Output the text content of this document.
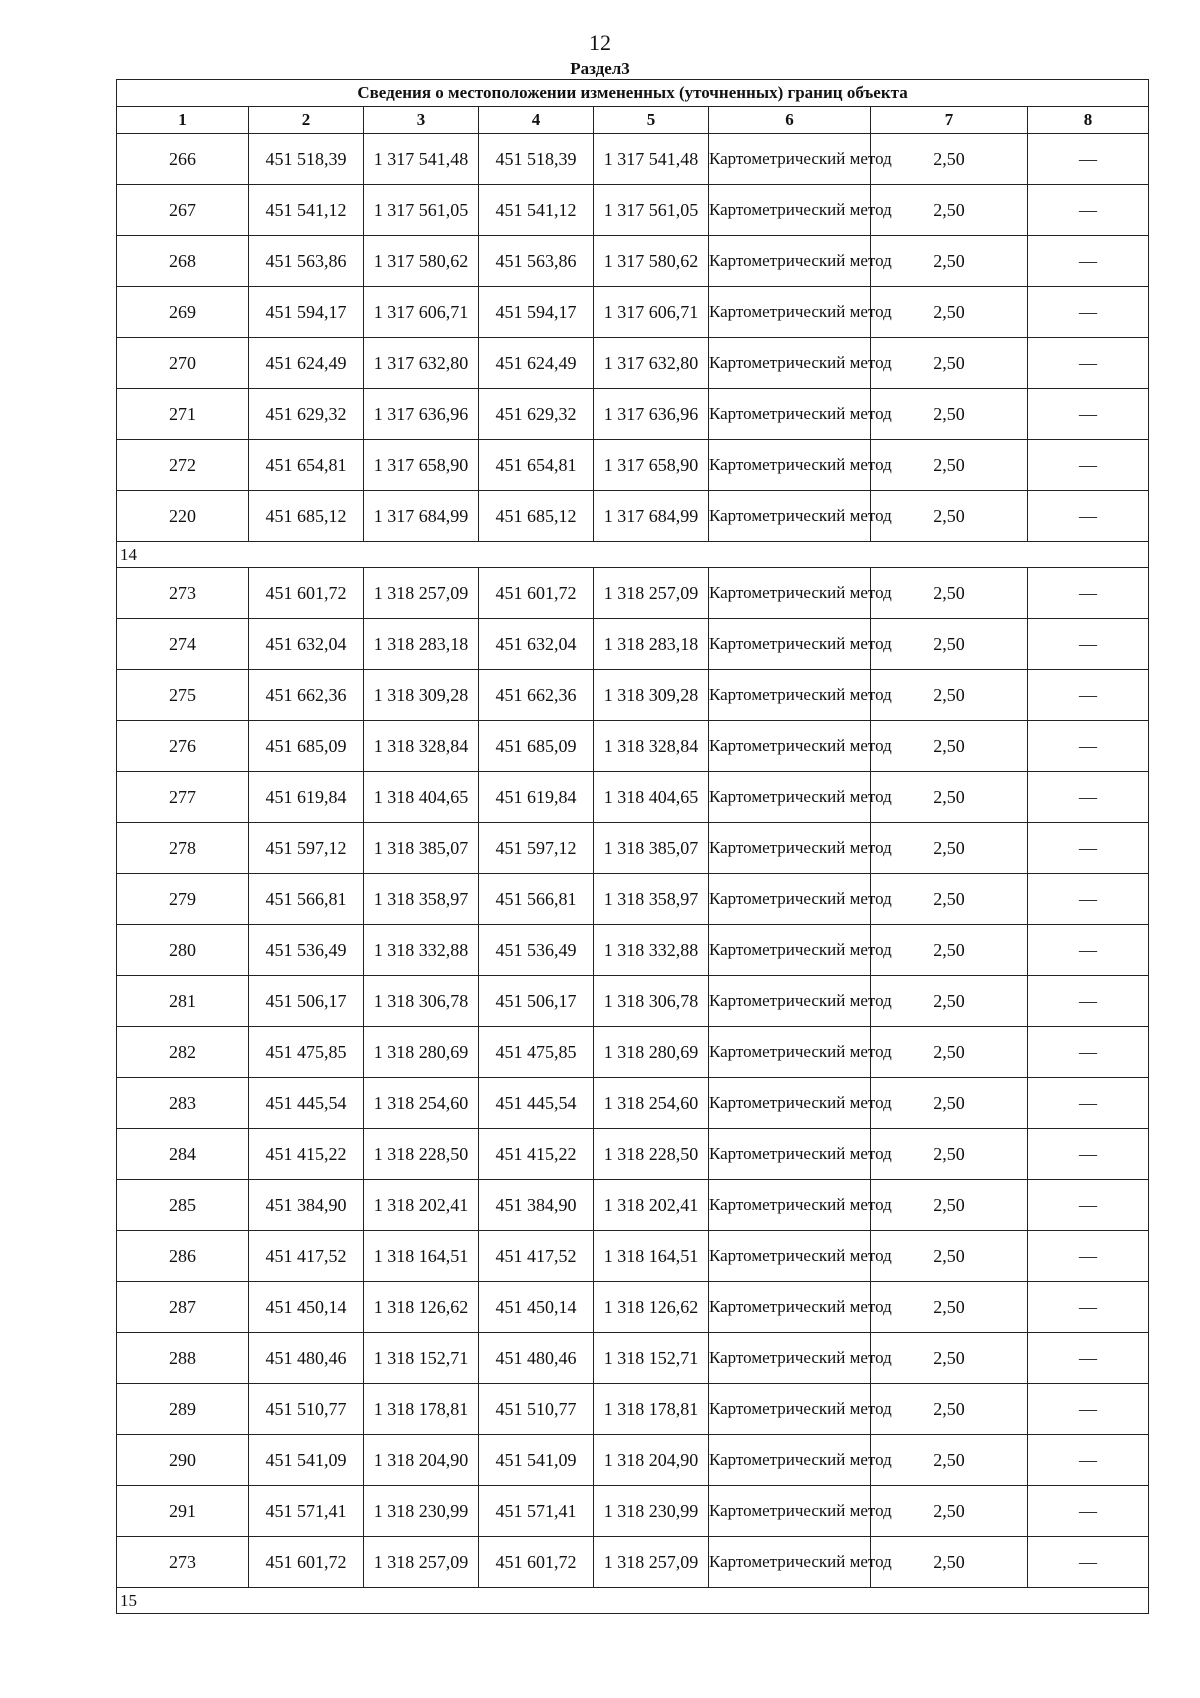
12
Раздел3
Сведения о местоположении измененных (уточненных) границ объекта							
1	2	3	4	5	6	7	8
266	451 518,39	1 317 541,48	451 518,39	1 317 541,48	Картометрический метод	2,50	—
267	451 541,12	1 317 561,05	451 541,12	1 317 561,05	Картометрический метод	2,50	—
268	451 563,86	1 317 580,62	451 563,86	1 317 580,62	Картометрический метод	2,50	—
269	451 594,17	1 317 606,71	451 594,17	1 317 606,71	Картометрический метод	2,50	—
270	451 624,49	1 317 632,80	451 624,49	1 317 632,80	Картометрический метод	2,50	—
271	451 629,32	1 317 636,96	451 629,32	1 317 636,96	Картометрический метод	2,50	—
272	451 654,81	1 317 658,90	451 654,81	1 317 658,90	Картометрический метод	2,50	—
220	451 685,12	1 317 684,99	451 685,12	1 317 684,99	Картометрический метод	2,50	—
14							
273	451 601,72	1 318 257,09	451 601,72	1 318 257,09	Картометрический метод	2,50	—
274	451 632,04	1 318 283,18	451 632,04	1 318 283,18	Картометрический метод	2,50	—
275	451 662,36	1 318 309,28	451 662,36	1 318 309,28	Картометрический метод	2,50	—
276	451 685,09	1 318 328,84	451 685,09	1 318 328,84	Картометрический метод	2,50	—
277	451 619,84	1 318 404,65	451 619,84	1 318 404,65	Картометрический метод	2,50	—
278	451 597,12	1 318 385,07	451 597,12	1 318 385,07	Картометрический метод	2,50	—
279	451 566,81	1 318 358,97	451 566,81	1 318 358,97	Картометрический метод	2,50	—
280	451 536,49	1 318 332,88	451 536,49	1 318 332,88	Картометрический метод	2,50	—
281	451 506,17	1 318 306,78	451 506,17	1 318 306,78	Картометрический метод	2,50	—
282	451 475,85	1 318 280,69	451 475,85	1 318 280,69	Картометрический метод	2,50	—
283	451 445,54	1 318 254,60	451 445,54	1 318 254,60	Картометрический метод	2,50	—
284	451 415,22	1 318 228,50	451 415,22	1 318 228,50	Картометрический метод	2,50	—
285	451 384,90	1 318 202,41	451 384,90	1 318 202,41	Картометрический метод	2,50	—
286	451 417,52	1 318 164,51	451 417,52	1 318 164,51	Картометрический метод	2,50	—
287	451 450,14	1 318 126,62	451 450,14	1 318 126,62	Картометрический метод	2,50	—
288	451 480,46	1 318 152,71	451 480,46	1 318 152,71	Картометрический метод	2,50	—
289	451 510,77	1 318 178,81	451 510,77	1 318 178,81	Картометрический метод	2,50	—
290	451 541,09	1 318 204,90	451 541,09	1 318 204,90	Картометрический метод	2,50	—
291	451 571,41	1 318 230,99	451 571,41	1 318 230,99	Картометрический метод	2,50	—
273	451 601,72	1 318 257,09	451 601,72	1 318 257,09	Картометрический метод	2,50	—
15							
